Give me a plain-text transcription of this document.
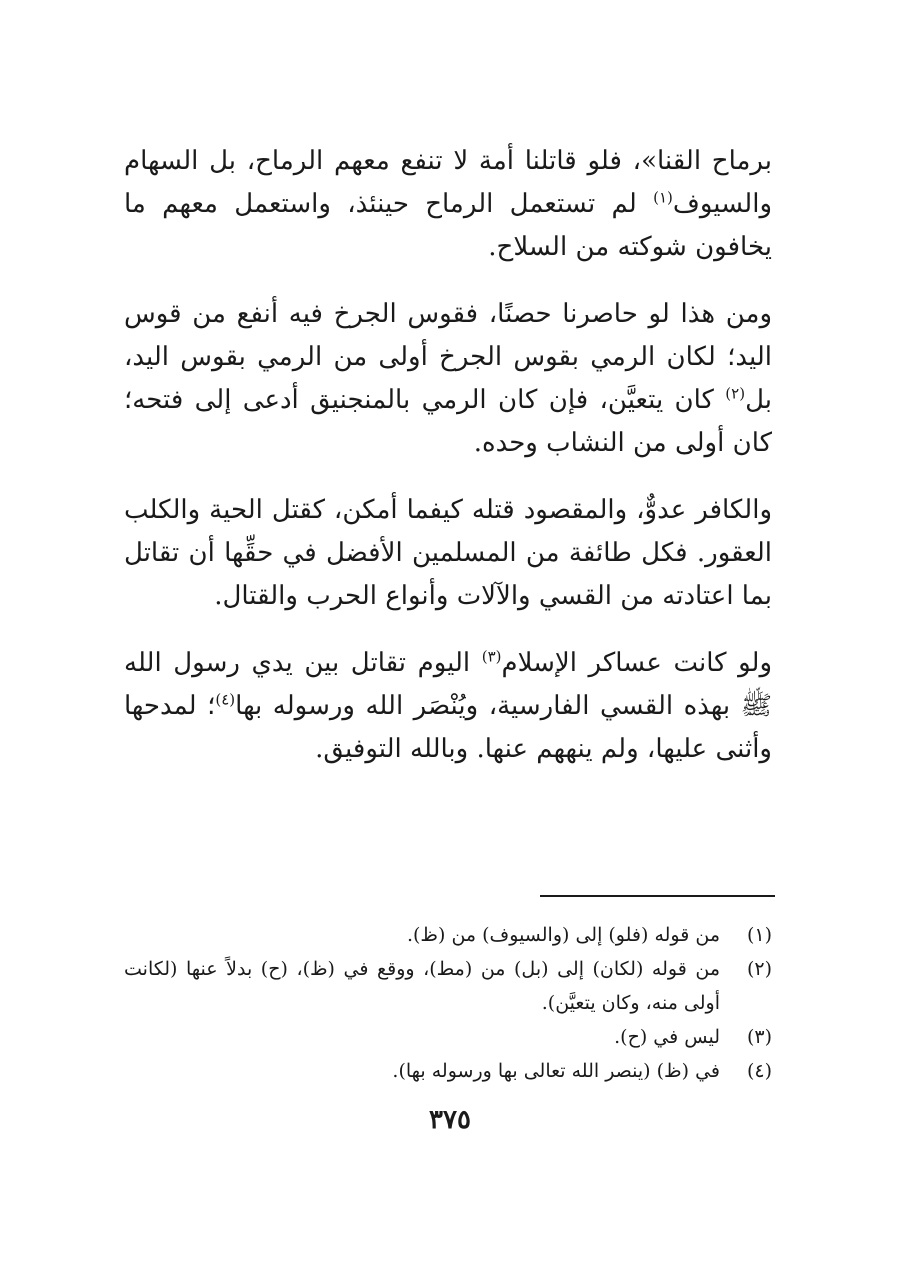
برماح القنا»، فلو قاتلنا أمة لا تنفع معهم الرماح، بل السهام والسيوف$^{(١)}$ لم تستعمل الرماح حينئذ، واستعمل معهم ما يخافون شوكته من السلاح.

ومن هذا لو حاصرنا حصنًا، فقوس الجرخ فيه أنفع من قوس اليد؛ لكان الرمي بقوس الجرخ أولى من الرمي بقوس اليد، بل$^{(٢)}$ كان يتعيَّن، فإن كان الرمي بالمنجنيق أدعى إلى فتحه؛ كان أولى من النشاب وحده.

والكافر عدوٌّ، والمقصود قتله كيفما أمكن، كقتل الحية والكلب العقور. فكل طائفة من المسلمين الأفضل في حقِّها أن تقاتل بما اعتادته من القسي والآلات وأنواع الحرب والقتال.

ولو كانت عساكر الإسلام$^{(٣)}$ اليوم تقاتل بين يدي رسول الله ﷺ بهذه القسي الفارسية، ويُنْصَر الله ورسوله بها$^{(٤)}$؛ لمدحها وأثنى عليها، ولم ينههم عنها. وبالله التوفيق.

(١)
من قوله (فلو) إلى (والسيوف) من (ظ).
(٢)
من قوله (لكان) إلى (بل) من (مط)، ووقع في (ظ)، (ح) بدلاً عنها (لكانت أولى منه، وكان يتعيَّن).
(٣)
ليس في (ح).
(٤)
في (ظ) (ينصر الله تعالى بها ورسوله بها).
٣٧٥
